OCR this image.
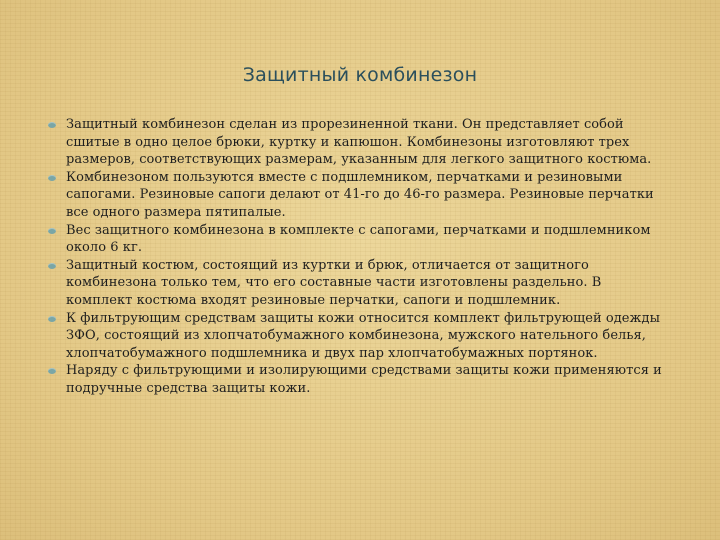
Защитный комбинезон
Защитный комбинезон сделан из прорезиненной ткани. Он представляет собой сшитые в одно целое брюки, куртку и капюшон. Комбинезоны изготовляют трех размеров, соответствующих размерам, указанным для легкого защитного костюма.
Комбинезоном пользуются вместе с подшлемником, перчатками и резиновыми сапогами. Резиновые сапоги делают от 41-го до 46-го размера. Резиновые перчатки все одного размера пятипалые.
Вес защитного комбинезона в комплекте с сапогами, перчатками и подшлемником около 6 кг.
Защитный костюм, состоящий из куртки и брюк, отличается от защитного комбинезона только тем, что его составные части изготовлены раздельно. В комплект костюма входят резиновые перчатки, сапоги и подшлемник.
К фильтрующим средствам защиты кожи относится комплект фильтрующей одежды ЗФО, состоящий из хлопчатобумажного комбинезона, мужского нательного белья, хлопчатобумажного подшлемника и двух пар хлопчатобумажных портянок.
Наряду с фильтрующими и изолирующими средствами защиты кожи применяются и подручные средства защиты кожи.
